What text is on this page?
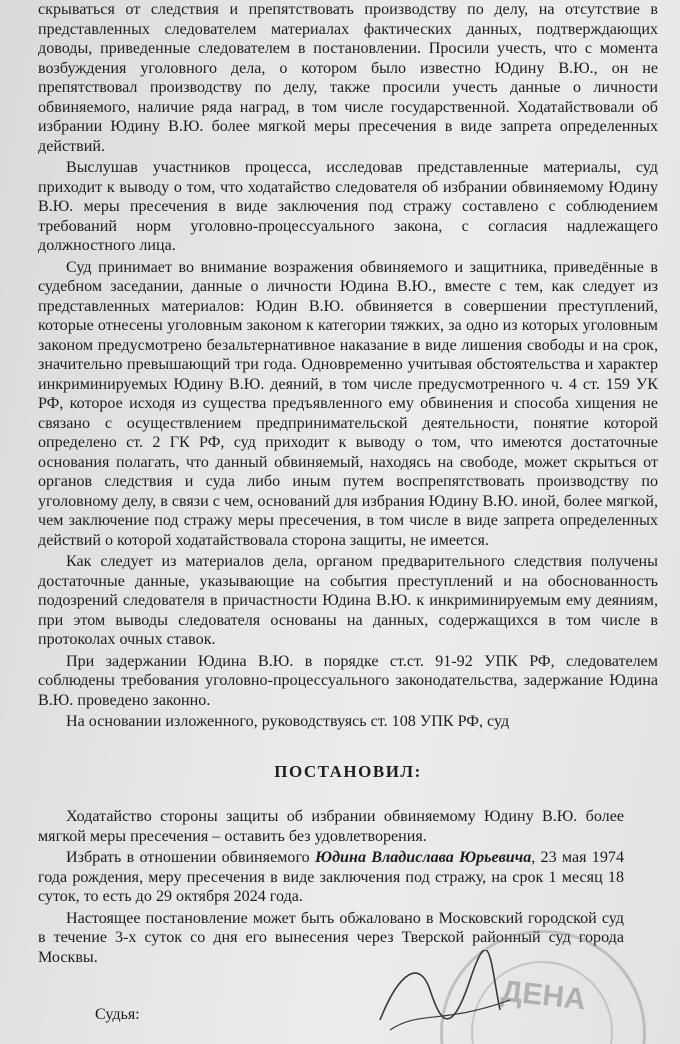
скрываться от следствия и препятствовать производству по делу, на отсутствие в представленных следователем материалах фактических данных, подтверждающих доводы, приведенные следователем в постановлении. Просили учесть, что с момента возбуждения уголовного дела, о котором было известно Юдину В.Ю., он не препятствовал производству по делу, также просили учесть данные о личности обвиняемого, наличие ряда наград, в том числе государственной. Ходатайствовали об избрании Юдину В.Ю. более мягкой меры пресечения в виде запрета определенных действий.

Выслушав участников процесса, исследовав представленные материалы, суд приходит к выводу о том, что ходатайство следователя об избрании обвиняемому Юдину В.Ю. меры пресечения в виде заключения под стражу составлено с соблюдением требований норм уголовно-процессуального закона, с согласия надлежащего должностного лица.

Суд принимает во внимание возражения обвиняемого и защитника, приведённые в судебном заседании, данные о личности Юдина В.Ю., вместе с тем, как следует из представленных материалов: Юдин В.Ю. обвиняется в совершении преступлений, которые отнесены уголовным законом к категории тяжких, за одно из которых уголовным законом предусмотрено безальтернативное наказание в виде лишения свободы и на срок, значительно превышающий три года. Одновременно учитывая обстоятельства и характер инкриминируемых Юдину В.Ю. деяний, в том числе предусмотренного ч. 4 ст. 159 УК РФ, которое исходя из существа предъявленного ему обвинения и способа хищения не связано с осуществлением предпринимательской деятельности, понятие которой определено ст. 2 ГК РФ, суд приходит к выводу о том, что имеются достаточные основания полагать, что данный обвиняемый, находясь на свободе, может скрыться от органов следствия и суда либо иным путем воспрепятствовать производству по уголовному делу, в связи с чем, оснований для избрания Юдину В.Ю. иной, более мягкой, чем заключение под стражу меры пресечения, в том числе в виде запрета определенных действий о которой ходатайствовала сторона защиты, не имеется.

Как следует из материалов дела, органом предварительного следствия получены достаточные данные, указывающие на события преступлений и на обоснованность подозрений следователя в причастности Юдина В.Ю. к инкриминируемым ему деяниям, при этом выводы следователя основаны на данных, содержащихся в том числе в протоколах очных ставок.

При задержании Юдина В.Ю. в порядке ст.ст. 91-92 УПК РФ, следователем соблюдены требования уголовно-процессуального законодательства, задержание Юдина В.Ю. проведено законно.

На основании изложенного, руководствуясь ст. 108 УПК РФ, суд

ПОСТАНОВИЛ:

Ходатайство стороны защиты об избрании обвиняемому Юдину В.Ю. более мягкой меры пресечения – оставить без удовлетворения.

Избрать в отношении обвиняемого Юдина Владислава Юрьевича, 23 мая 1974 года рождения, меру пресечения в виде заключения под стражу, на срок 1 месяц 18 суток, то есть до 29 октября 2024 года.

Настоящее постановление может быть обжаловано в Московский городской суд в течение 3-х суток со дня его вынесения через Тверской районный суд города Москвы.

Судья:	ДЕНА
